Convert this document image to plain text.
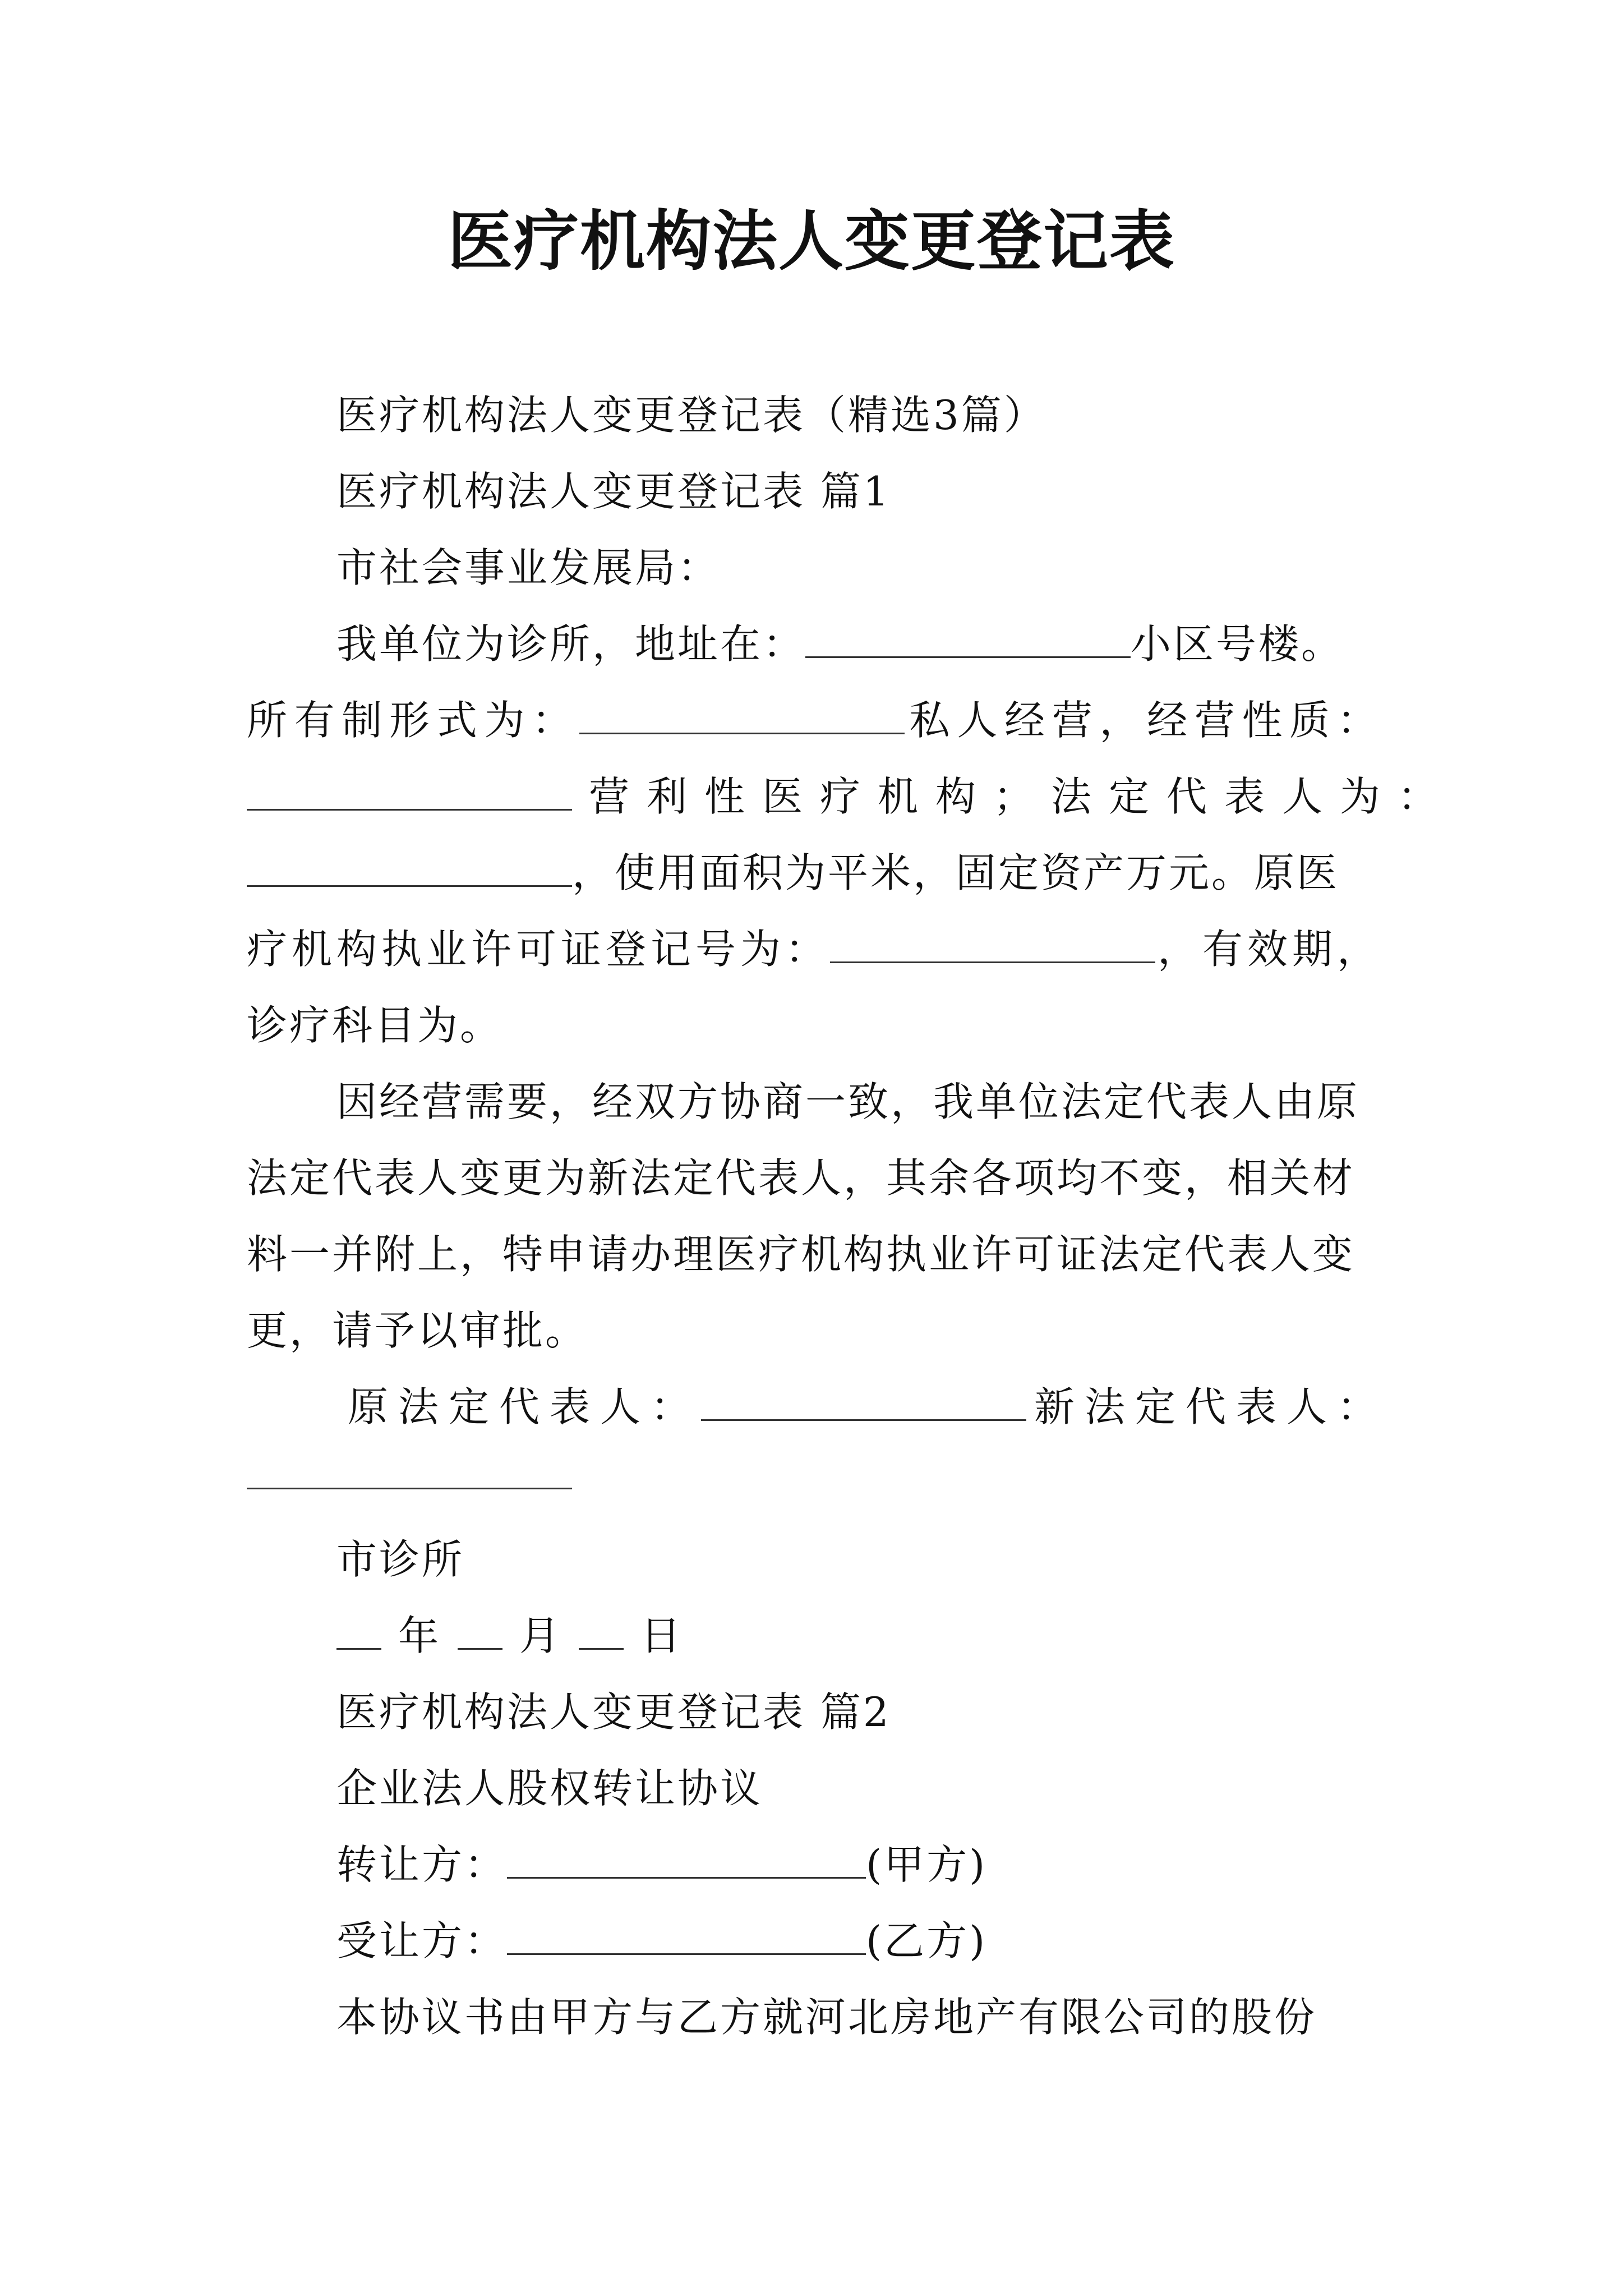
医疗机构法人变更登记表
医疗机构法人变更登记表（精选3篇）
医疗机构法人变更登记表 篇1
市社会事业发展局：
我单位为诊所，地址在：	小区号楼。
所有制形式为：	私人经营，经营性质：
营利性医疗机构；法定代表人为：
，使用面积为平米，固定资产万元。原医
疗机构执业许可证登记号为：	，有效期，
诊疗科目为。
因经营需要，经双方协商一致，我单位法定代表人由原
法定代表人变更为新法定代表人，其余各项均不变，相关材
料一并附上，特申请办理医疗机构执业许可证法定代表人变
更，请予以审批。
原法定代表人：	新法定代表人：
市诊所
年 月 日
医疗机构法人变更登记表 篇2
企业法人股权转让协议
转让方：	(甲方)
受让方：	(乙方)
本协议书由甲方与乙方就河北房地产有限公司的股份
